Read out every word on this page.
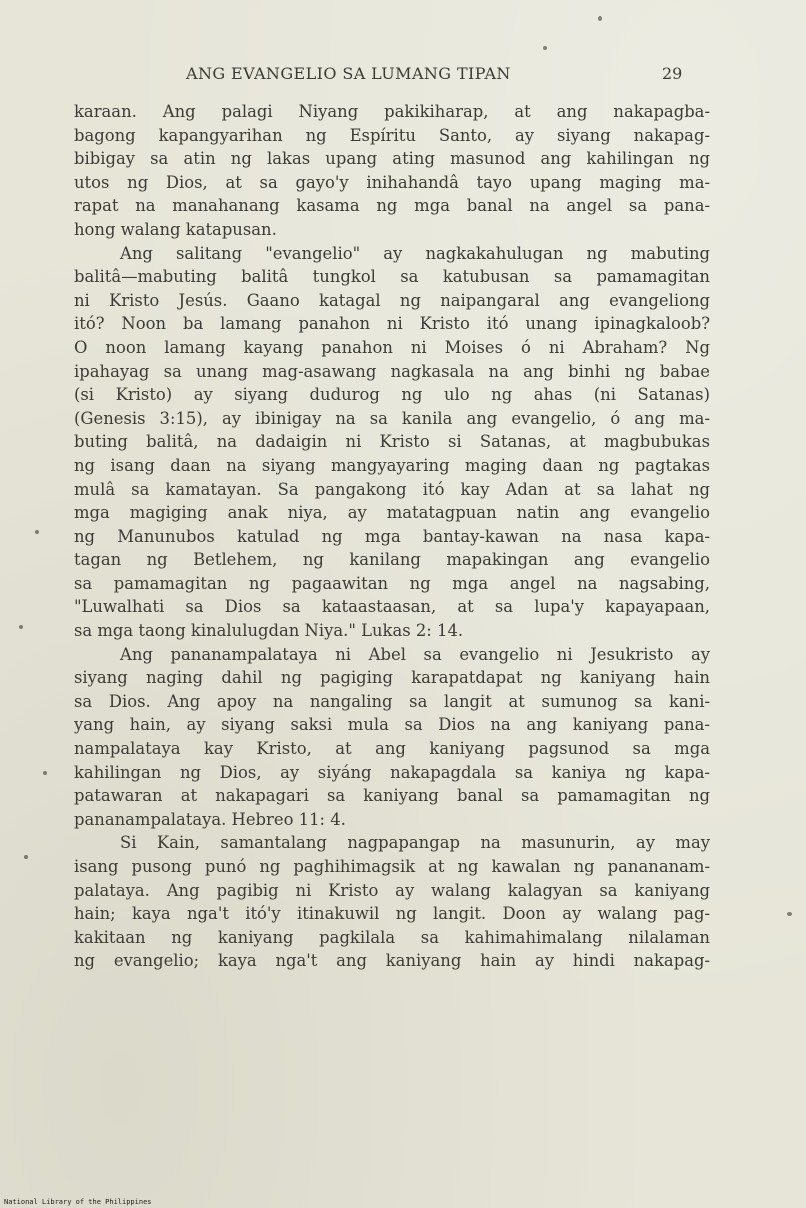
ANG EVANGELIO SA LUMANG TIPAN	29
karaan. Ang palagi Niyang pakikiharap, at ang nakapagba-
bagong kapangyarihan ng Espíritu Santo, ay siyang nakapag-
bibigay sa atin ng lakas upang ating masunod ang kahilingan ng
utos ng Dios, at sa gayo'y inihahandâ tayo upang maging ma-
rapat na manahanang kasama ng mga banal na angel sa pana-
hong walang katapusan.
Ang salitang "evangelio" ay nagkakahulugan ng mabuting
balitâ—mabuting balitâ tungkol sa katubusan sa pamamagitan
ni Kristo Jesús. Gaano katagal ng naipangaral ang evangeliong
itó? Noon ba lamang panahon ni Kristo itó unang ipinagkaloob?
O noon lamang kayang panahon ni Moises ó ni Abraham? Ng
ipahayag sa unang mag-asawang nagkasala na ang binhi ng babae
(si Kristo) ay siyang dudurog ng ulo ng ahas (ni Satanas)
(Genesis 3:15), ay ibinigay na sa kanila ang evangelio, ó ang ma-
buting balitâ, na dadaigin ni Kristo si Satanas, at magbubukas
ng isang daan na siyang mangyayaring maging daan ng pagtakas
mulâ sa kamatayan. Sa pangakong itó kay Adan at sa lahat ng
mga magiging anak niya, ay matatagpuan natin ang evangelio
ng Manunubos katulad ng mga bantay-kawan na nasa kapa-
tagan ng Betlehem, ng kanilang mapakingan ang evangelio
sa pamamagitan ng pagaawitan ng mga angel na nagsabing,
"Luwalhati sa Dios sa kataastaasan, at sa lupa'y kapayapaan,
sa mga taong kinalulugdan Niya." Lukas 2: 14.
Ang pananampalataya ni Abel sa evangelio ni Jesukristo ay
siyang naging dahil ng pagiging karapatdapat ng kaniyang hain
sa Dios. Ang apoy na nangaling sa langit at sumunog sa kani-
yang hain, ay siyang saksi mula sa Dios na ang kaniyang pana-
nampalataya kay Kristo, at ang kaniyang pagsunod sa mga
kahilingan ng Dios, ay siyáng nakapagdala sa kaniya ng kapa-
patawaran at nakapagari sa kaniyang banal sa pamamagitan ng
pananampalataya. Hebreo 11: 4.
Si Kain, samantalang nagpapangap na masunurin, ay may
isang pusong punó ng paghihimagsik at ng kawalan ng panananam-
palataya. Ang pagibig ni Kristo ay walang kalagyan sa kaniyang
hain; kaya nga't itó'y itinakuwil ng langit. Doon ay walang pag-
kakitaan ng kaniyang pagkilala sa kahimahimalang nilalaman
ng evangelio; kaya nga't ang kaniyang hain ay hindi nakapag-
National Library of the Philippines
